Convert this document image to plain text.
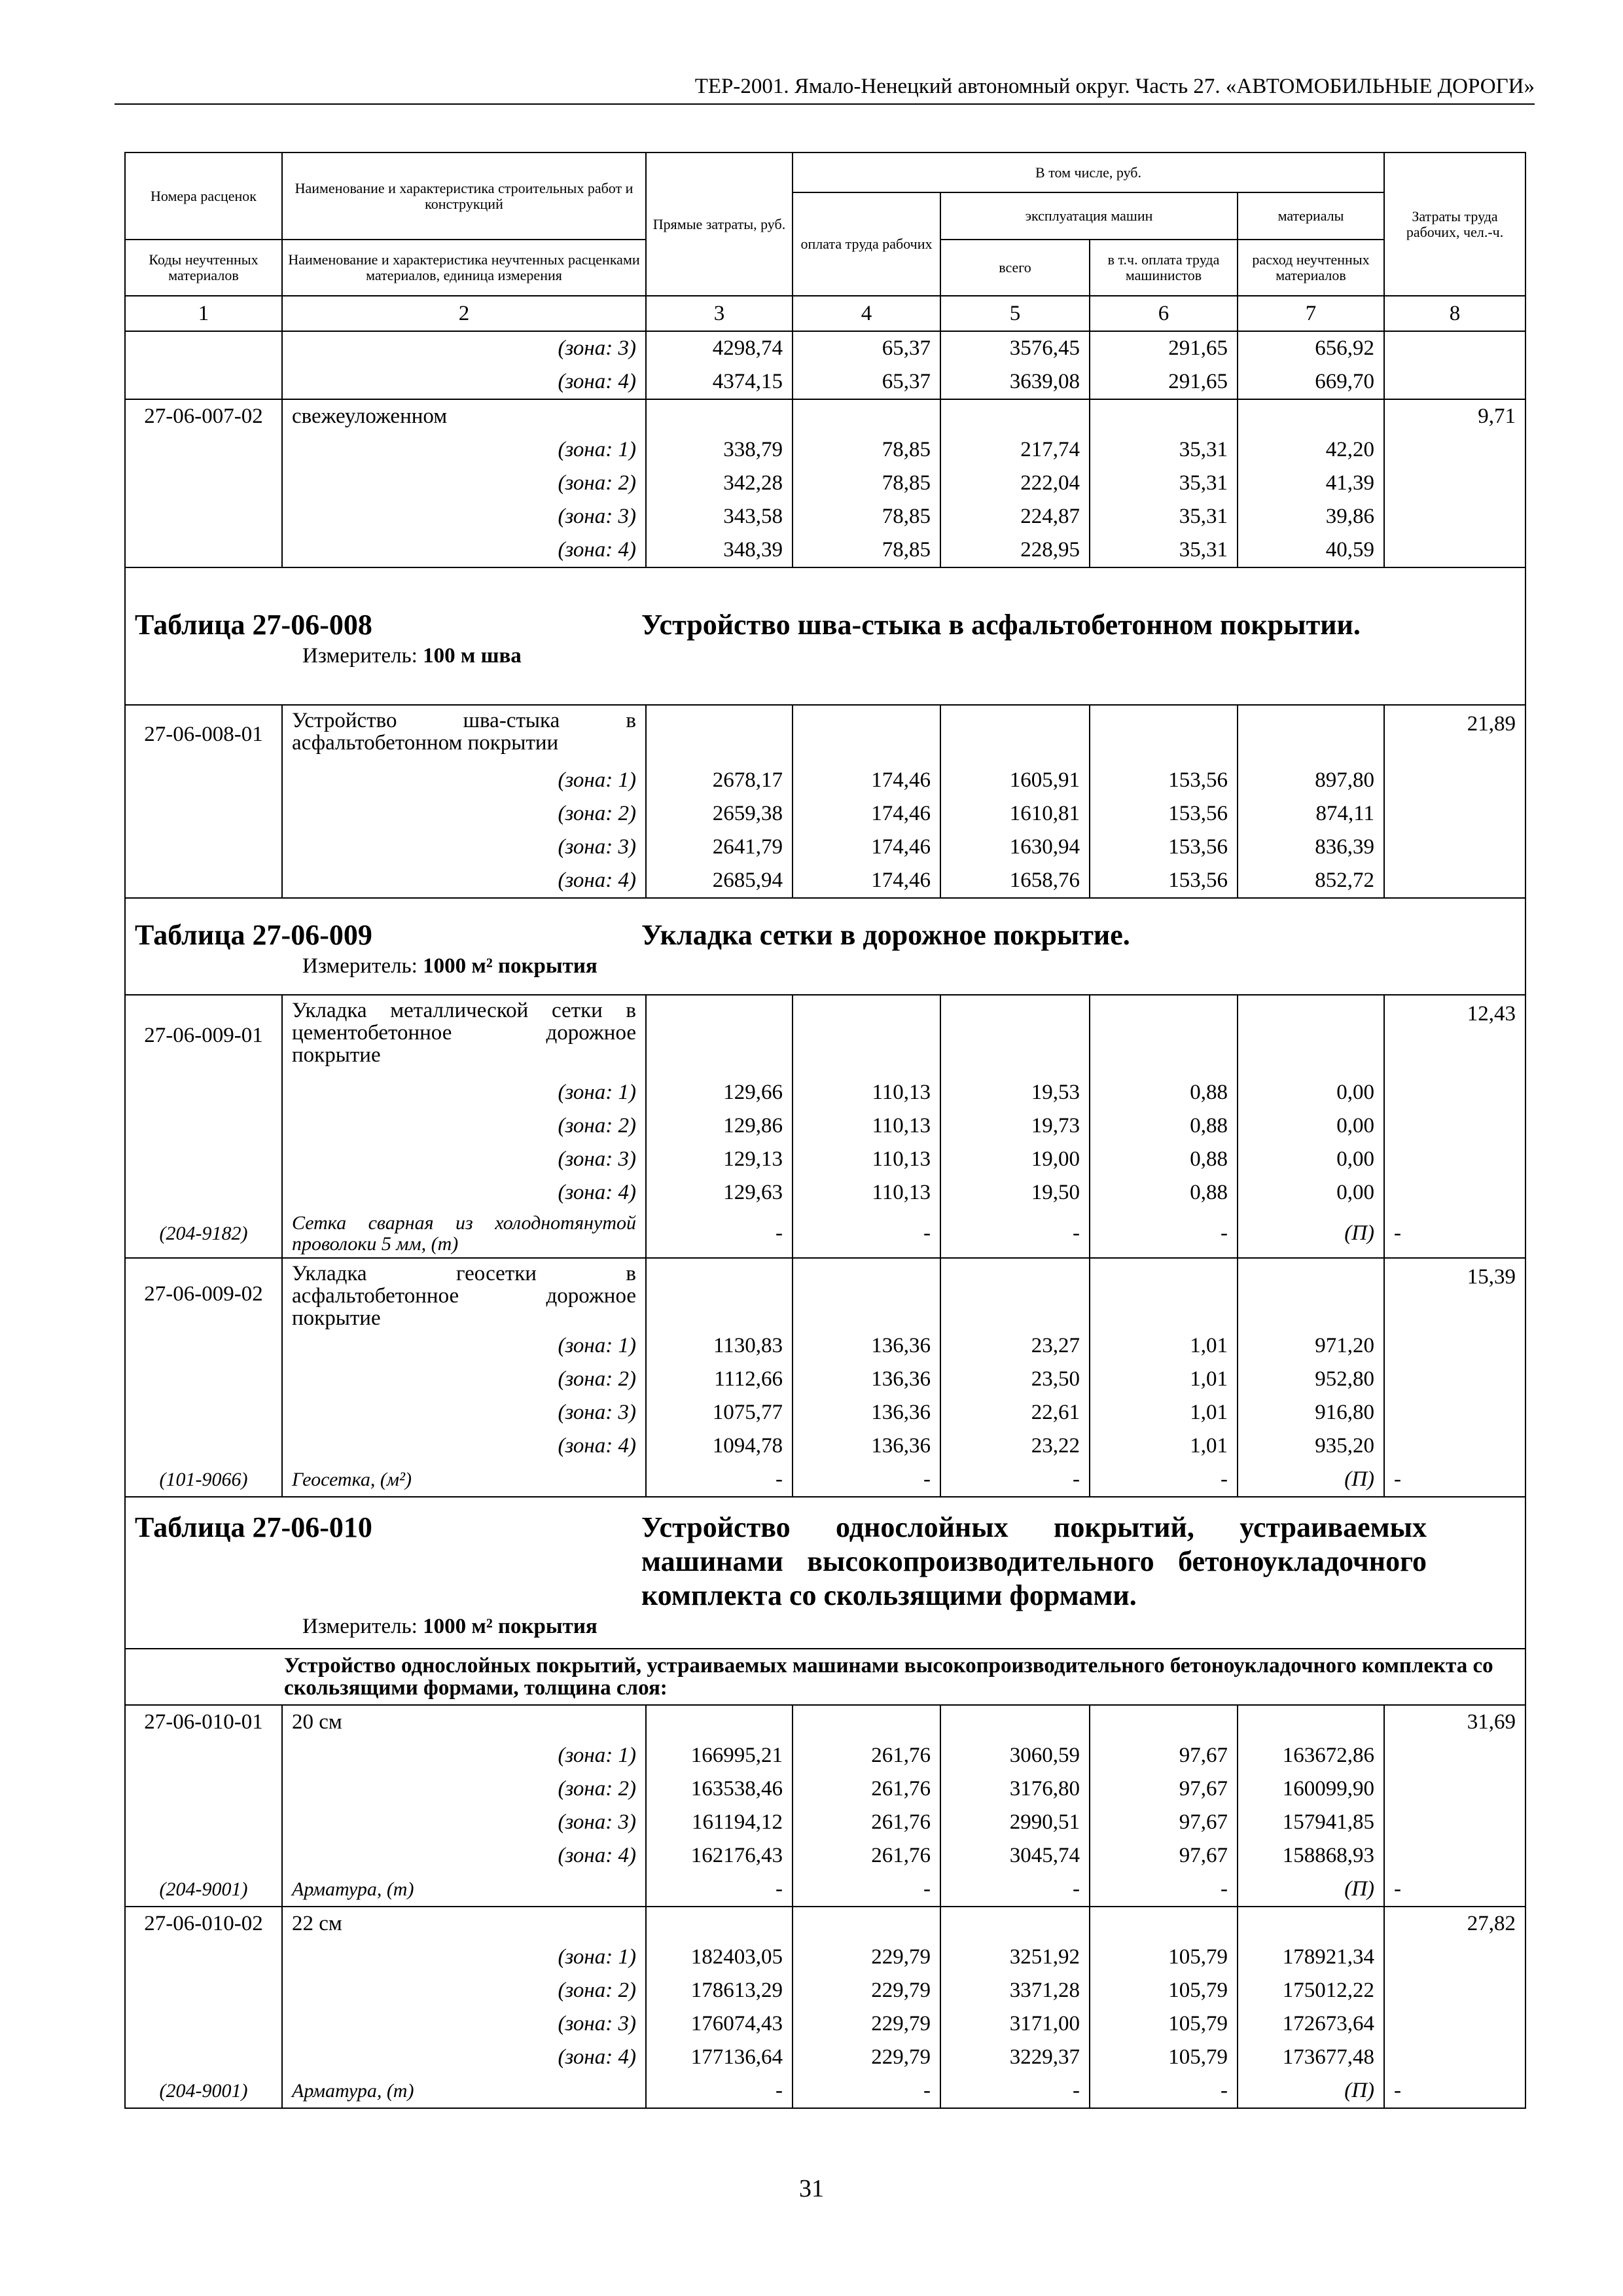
ТЕР-2001. Ямало-Ненецкий автономный округ. Часть 27. «АВТОМОБИЛЬНЫЕ ДОРОГИ»
Номера расценок	Наименование и характеристика строительных работ и конструкций	Прямые затраты, руб.	В том числе, руб.				Затраты труда рабочих, чел.-ч.
			оплата труда рабочих	эксплуатация машин		материалы	
Коды неучтенных материалов	Наименование и характеристика неучтенных расценками материалов, единица измерения			всего	в т.ч. оплата труда машинистов	расход неучтенных материалов	
1	2	3	4	5	6	7	8
	(зона: 3)	4298,74	65,37	3576,45	291,65	656,92	
	(зона: 4)	4374,15	65,37	3639,08	291,65	669,70	
27-06-007-02	свежеуложенном						9,71
	(зона: 1)	338,79	78,85	217,74	35,31	42,20	
	(зона: 2)	342,28	78,85	222,04	35,31	41,39	
	(зона: 3)	343,58	78,85	224,87	35,31	39,86	
	(зона: 4)	348,39	78,85	228,95	35,31	40,59	

Таблица 27-06-008 Устройство шва-стыка в асфальтобетонном покрытии.
Измеритель: 100 м шва							

27-06-008-01	Устройство шва-стыка в асфальтобетонном покрытии						21,89
	(зона: 1)	2678,17	174,46	1605,91	153,56	897,80	
	(зона: 2)	2659,38	174,46	1610,81	153,56	874,11	
	(зона: 3)	2641,79	174,46	1630,94	153,56	836,39	
	(зона: 4)	2685,94	174,46	1658,76	153,56	852,72	

Таблица 27-06-009 Укладка сетки в дорожное покрытие.
Измеритель: 1000 м² покрытия							

27-06-009-01	Укладка металлической сетки в цементобетонное дорожное покрытие						12,43
	(зона: 1)	129,66	110,13	19,53	0,88	0,00	
	(зона: 2)	129,86	110,13	19,73	0,88	0,00	
	(зона: 3)	129,13	110,13	19,00	0,88	0,00	
	(зона: 4)	129,63	110,13	19,50	0,88	0,00	
(204-9182)	Сетка сварная из холоднотянутой проволоки 5 мм, (т)	-	-	-	-	(П)	-
27-06-009-02	Укладка геосетки в асфальтобетонное дорожное покрытие						15,39
	(зона: 1)	1130,83	136,36	23,27	1,01	971,20	
	(зона: 2)	1112,66	136,36	23,50	1,01	952,80	
	(зона: 3)	1075,77	136,36	22,61	1,01	916,80	
	(зона: 4)	1094,78	136,36	23,22	1,01	935,20	
(101-9066)	Геосетка, (м²)	-	-	-	-	(П)	-

Таблица 27-06-010 Устройство однослойных покрытий, устраиваемых машинами высокопроизводительного бетоноукладочного комплекта со скользящими формами.
Измеритель: 1000 м² покрытия							

Устройство однослойных покрытий, устраиваемых машинами высокопроизводительного бетоноукладочного комплекта со скользящими формами, толщина слоя:							
27-06-010-01	20 см						31,69
	(зона: 1)	166995,21	261,76	3060,59	97,67	163672,86	
	(зона: 2)	163538,46	261,76	3176,80	97,67	160099,90	
	(зона: 3)	161194,12	261,76	2990,51	97,67	157941,85	
	(зона: 4)	162176,43	261,76	3045,74	97,67	158868,93	
(204-9001)	Арматура, (т)	-	-	-	-	(П)	-
27-06-010-02	22 см						27,82
	(зона: 1)	182403,05	229,79	3251,92	105,79	178921,34	
	(зона: 2)	178613,29	229,79	3371,28	105,79	175012,22	
	(зона: 3)	176074,43	229,79	3171,00	105,79	172673,64	
	(зона: 4)	177136,64	229,79	3229,37	105,79	173677,48	
(204-9001)	Арматура, (т)	-	-	-	-	(П)	-
31
